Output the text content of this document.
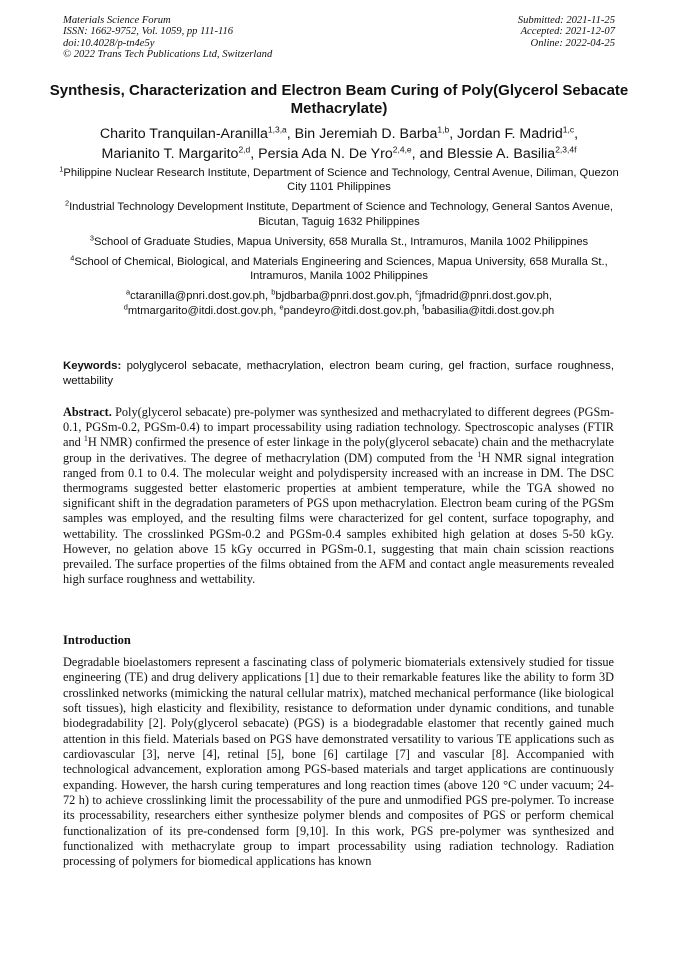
Materials Science Forum
ISSN: 1662-9752, Vol. 1059, pp 111-116
doi:10.4028/p-tn4e5y
© 2022 Trans Tech Publications Ltd, Switzerland
Submitted: 2021-11-25
Accepted: 2021-12-07
Online: 2022-04-25
Synthesis, Characterization and Electron Beam Curing of Poly(Glycerol Sebacate Methacrylate)
Charito Tranquilan-Aranilla$^{1,3,a}$, Bin Jeremiah D. Barba$^{1,b}$, Jordan F. Madrid$^{1,c}$,
Marianito T. Margarito$^{2,d}$, Persia Ada N. De Yro$^{2,4,e}$, and Blessie A. Basilia$^{2,3,4f}$
$^1$Philippine Nuclear Research Institute, Department of Science and Technology, Central Avenue, Diliman, Quezon City 1101 Philippines
$^2$Industrial Technology Development Institute, Department of Science and Technology, General Santos Avenue, Bicutan, Taguig 1632 Philippines
$^3$School of Graduate Studies, Mapua University, 658 Muralla St., Intramuros, Manila 1002 Philippines
$^4$School of Chemical, Biological, and Materials Engineering and Sciences, Mapua University, 658 Muralla St., Intramuros, Manila 1002 Philippines
$^a$ctaranilla@pnri.dost.gov.ph, $^b$bjdbarba@pnri.dost.gov.ph, $^c$jfmadrid@pnri.dost.gov.ph,
$^d$mtmargarito@itdi.dost.gov.ph, $^e$pandeyro@itdi.dost.gov.ph, $^f$babasilia@itdi.dost.gov.ph
Keywords: polyglycerol sebacate, methacrylation, electron beam curing, gel fraction, surface roughness, wettability
Abstract. Poly(glycerol sebacate) pre-polymer was synthesized and methacrylated to different degrees (PGSm-0.1, PGSm-0.2, PGSm-0.4) to impart processability using radiation technology. Spectroscopic analyses (FTIR and $^1$H NMR) confirmed the presence of ester linkage in the poly(glycerol sebacate) chain and the methacrylate group in the derivatives. The degree of methacrylation (DM) computed from the $^1$H NMR signal integration ranged from 0.1 to 0.4. The molecular weight and polydispersity increased with an increase in DM. The DSC thermograms suggested better elastomeric properties at ambient temperature, while the TGA showed no significant shift in the degradation parameters of PGS upon methacrylation. Electron beam curing of the PGSm samples was employed, and the resulting films were characterized for gel content, surface topography, and wettability. The crosslinked PGSm-0.2 and PGSm-0.4 samples exhibited high gelation at doses 5-50 kGy. However, no gelation above 15 kGy occurred in PGSm-0.1, suggesting that main chain scission reactions prevailed. The surface properties of the films obtained from the AFM and contact angle measurements revealed high surface roughness and wettability.
Introduction
Degradable bioelastomers represent a fascinating class of polymeric biomaterials extensively studied for tissue engineering (TE) and drug delivery applications [1] due to their remarkable features like the ability to form 3D crosslinked networks (mimicking the natural cellular matrix), matched mechanical performance (like biological soft tissues), high elasticity and flexibility, resistance to deformation under dynamic conditions, and tunable biodegradability [2]. Poly(glycerol sebacate) (PGS) is a biodegradable elastomer that recently gained much attention in this field. Materials based on PGS have demonstrated versatility to various TE applications such as cardiovascular [3], nerve [4], retinal [5], bone [6] cartilage [7] and vascular [8]. Accompanied with technological advancement, exploration among PGS-based materials and target applications are continuously expanding. However, the harsh curing temperatures and long reaction times (above 120 °C under vacuum; 24-72 h) to achieve crosslinking limit the processability of the pure and unmodified PGS pre-polymer. To increase its processability, researchers either synthesize polymer blends and composites of PGS or perform chemical functionalization of its pre-condensed form [9,10]. In this work, PGS pre-polymer was synthesized and functionalized with methacrylate group to impart processability using radiation technology. Radiation processing of polymers for biomedical applications has known
